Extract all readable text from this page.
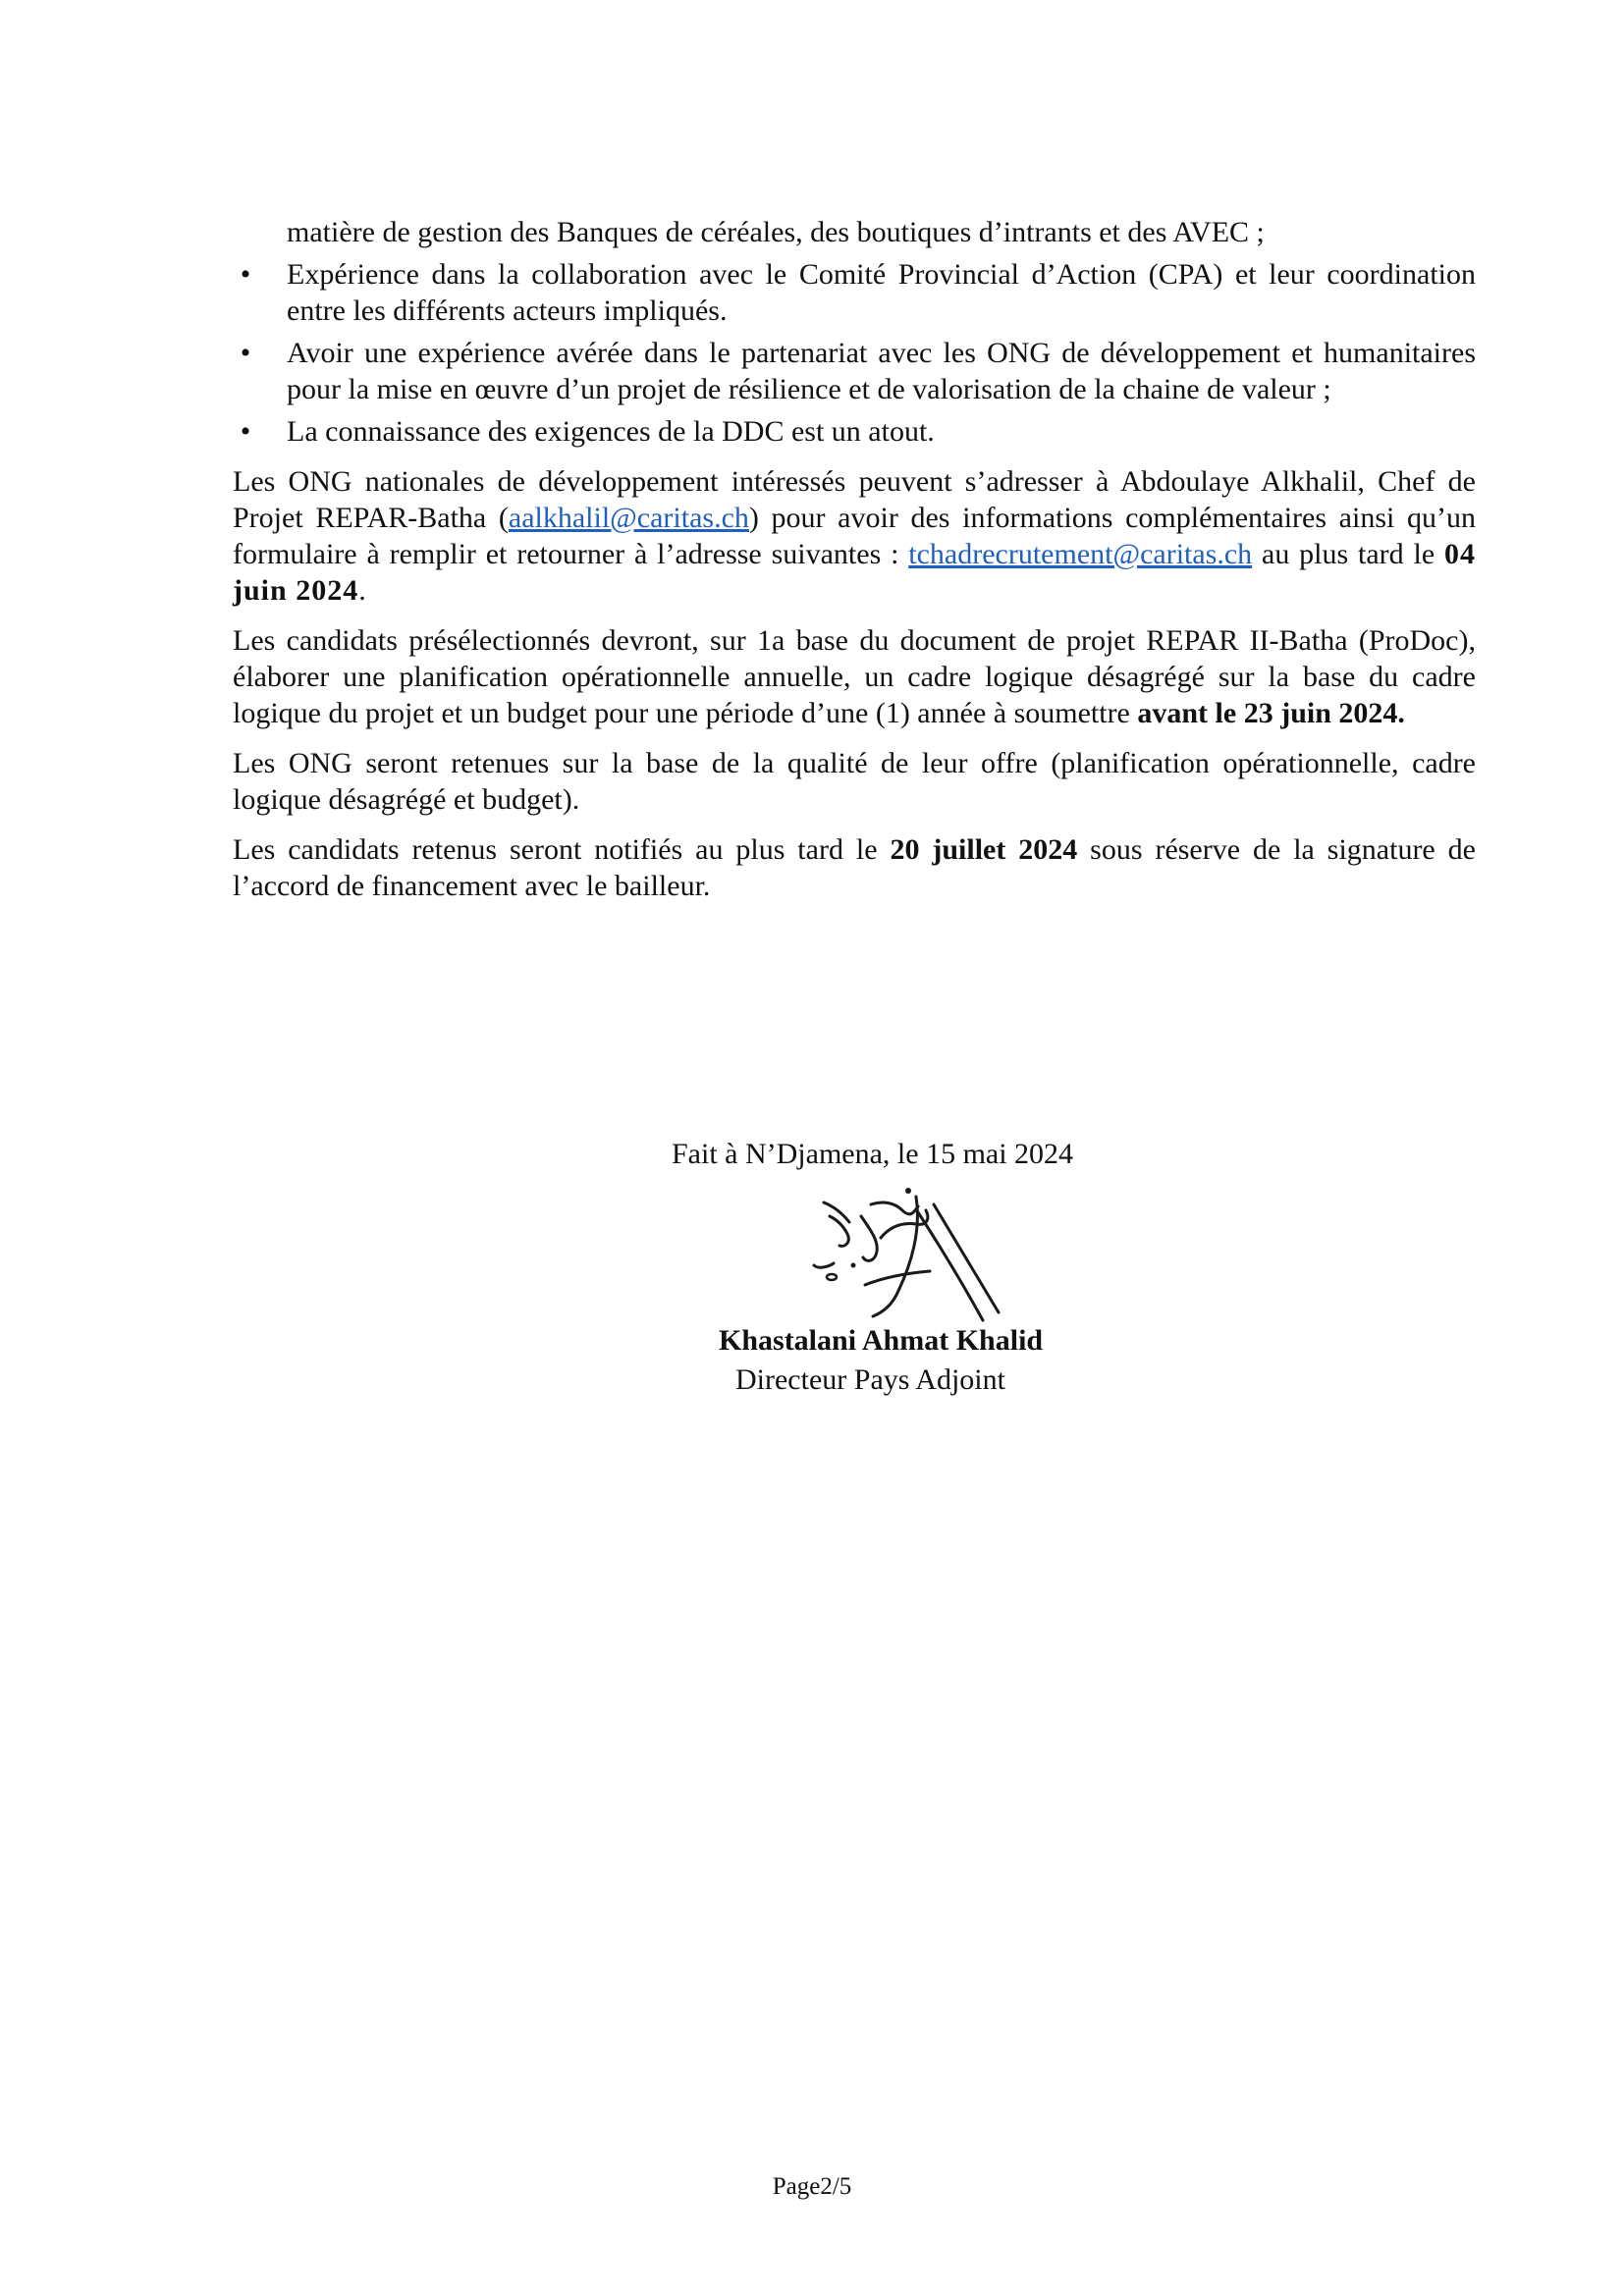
matière de gestion des Banques de céréales, des boutiques d’intrants et des AVEC ;
• Expérience dans la collaboration avec le Comité Provincial d’Action (CPA) et leur coordination entre les différents acteurs impliqués.
• Avoir une expérience avérée dans le partenariat avec les ONG de développement et humanitaires pour la mise en œuvre d’un projet de résilience et de valorisation de la chaine de valeur ;
• La connaissance des exigences de la DDC est un atout.

Les ONG nationales de développement intéressés peuvent s’adresser à Abdoulaye Alkhalil, Chef de Projet REPAR-Batha (aalkhalil@caritas.ch) pour avoir des informations complémentaires ainsi qu’un formulaire à remplir et retourner à l’adresse suivantes : tchadrecrutement@caritas.ch au plus tard le 04 juin 2024.

Les candidats présélectionnés devront, sur 1a base du document de projet REPAR II-Batha (ProDoc), élaborer une planification opérationnelle annuelle, un cadre logique désagrégé sur la base du cadre logique du projet et un budget pour une période d’une (1) année à soumettre avant le 23 juin 2024.

Les ONG seront retenues sur la base de la qualité de leur offre (planification opérationnelle, cadre logique désagrégé et budget).

Les candidats retenus seront notifiés au plus tard le 20 juillet 2024 sous réserve de la signature de l’accord de financement avec le bailleur.

Fait à N’Djamena, le 15 mai 2024
Khastalani Ahmat Khalid
Directeur Pays Adjoint
Page2/5
